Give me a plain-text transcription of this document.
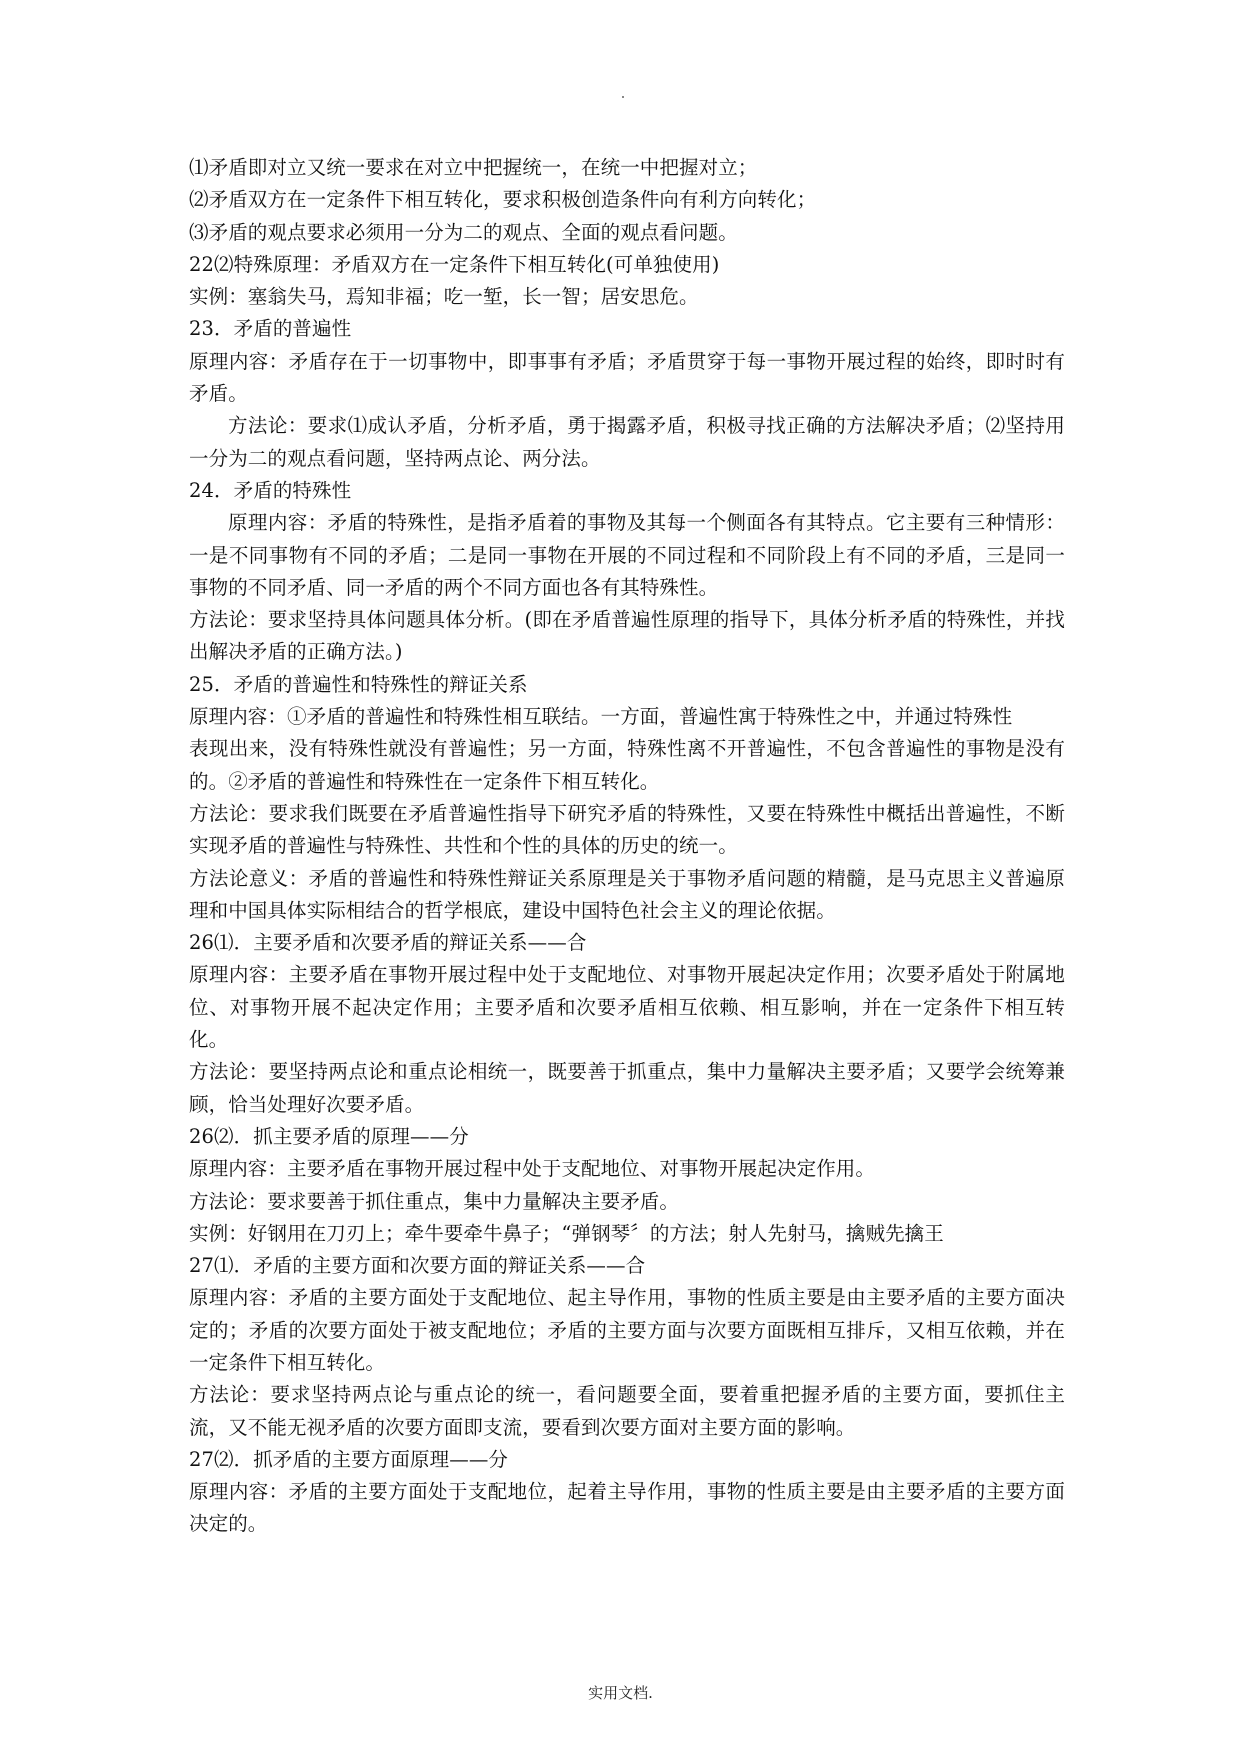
⑴矛盾即对立又统一要求在对立中把握统一，在统一中把握对立；
⑵矛盾双方在一定条件下相互转化，要求积极创造条件向有利方向转化；
⑶矛盾的观点要求必须用一分为二的观点、全面的观点看问题。
22⑵特殊原理：矛盾双方在一定条件下相互转化(可单独使用)
实例：塞翁失马，焉知非福；吃一堑，长一智；居安思危。
23．矛盾的普遍性
原理内容：矛盾存在于一切事物中，即事事有矛盾；矛盾贯穿于每一事物开展过程的始终，即时时有矛盾。
方法论：要求⑴成认矛盾，分析矛盾，勇于揭露矛盾，积极寻找正确的方法解决矛盾；⑵坚持用一分为二的观点看问题，坚持两点论、两分法。
24．矛盾的特殊性
原理内容：矛盾的特殊性，是指矛盾着的事物及其每一个侧面各有其特点。它主要有三种情形：一是不同事物有不同的矛盾；二是同一事物在开展的不同过程和不同阶段上有不同的矛盾，三是同一事物的不同矛盾、同一矛盾的两个不同方面也各有其特殊性。
方法论：要求坚持具体问题具体分析。(即在矛盾普遍性原理的指导下，具体分析矛盾的特殊性，并找出解决矛盾的正确方法。)
25．矛盾的普遍性和特殊性的辩证关系
原理内容：①矛盾的普遍性和特殊性相互联结。一方面，普遍性寓于特殊性之中，并通过特殊性
表现出来，没有特殊性就没有普遍性；另一方面，特殊性离不开普遍性，不包含普遍性的事物是没有的。②矛盾的普遍性和特殊性在一定条件下相互转化。
方法论：要求我们既要在矛盾普遍性指导下研究矛盾的特殊性，又要在特殊性中概括出普遍性，不断实现矛盾的普遍性与特殊性、共性和个性的具体的历史的统一。
方法论意义：矛盾的普遍性和特殊性辩证关系原理是关于事物矛盾问题的精髓，是马克思主义普遍原理和中国具体实际相结合的哲学根底，建设中国特色社会主义的理论依据。
26⑴．主要矛盾和次要矛盾的辩证关系——合
原理内容：主要矛盾在事物开展过程中处于支配地位、对事物开展起决定作用；次要矛盾处于附属地位、对事物开展不起决定作用；主要矛盾和次要矛盾相互依赖、相互影响，并在一定条件下相互转化。
方法论：要坚持两点论和重点论相统一，既要善于抓重点，集中力量解决主要矛盾；又要学会统筹兼顾，恰当处理好次要矛盾。
26⑵．抓主要矛盾的原理——分
原理内容：主要矛盾在事物开展过程中处于支配地位、对事物开展起决定作用。
方法论：要求要善于抓住重点，集中力量解决主要矛盾。
实例：好钢用在刀刃上；牵牛要牵牛鼻子；“弹钢琴〞的方法；射人先射马，擒贼先擒王
27⑴．矛盾的主要方面和次要方面的辩证关系——合
原理内容：矛盾的主要方面处于支配地位、起主导作用，事物的性质主要是由主要矛盾的主要方面决定的；矛盾的次要方面处于被支配地位；矛盾的主要方面与次要方面既相互排斥，又相互依赖，并在一定条件下相互转化。
方法论：要求坚持两点论与重点论的统一，看问题要全面，要着重把握矛盾的主要方面，要抓住主流，又不能无视矛盾的次要方面即支流，要看到次要方面对主要方面的影响。
27⑵．抓矛盾的主要方面原理——分
原理内容：矛盾的主要方面处于支配地位，起着主导作用，事物的性质主要是由主要矛盾的主要方面决定的。
实用文档.
